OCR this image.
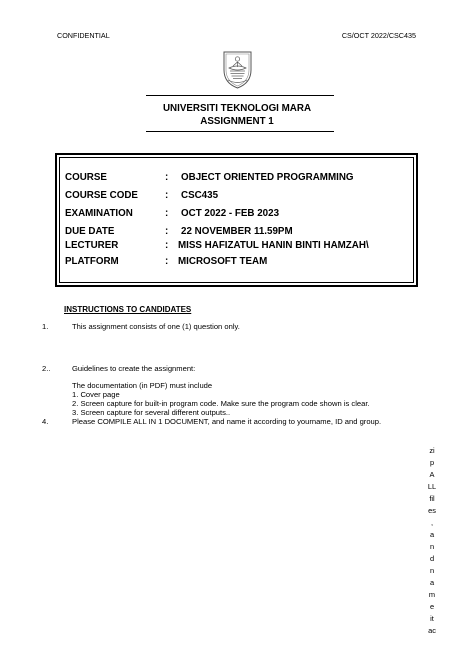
CONFIDENTIAL	CS/OCT 2022/CSC435
UNIVERSITI TEKNOLOGI MARA
ASSIGNMENT 1
COURSE	: OBJECT ORIENTED PROGRAMMING
COURSE CODE	: CSC435
EXAMINATION	: OCT 2022 - FEB 2023
DUE DATE	: 22 NOVEMBER 11.59PM
LECTURER	: MISS HAFIZATUL HANIN BINTI HAMZAH\
PLATFORM	: MICROSOFT TEAM
INSTRUCTIONS TO CANDIDATES
1.	This assignment consists of one (1) question only.
2..	Guidelines to create the assignment:
The documentation (in PDF) must include
1. Cover page
2. Screen capture for built-in program code. Make sure the program code shown is clear.
3. Screen capture for several different outputs..
4.	Please COMPILE ALL IN 1 DOCUMENT, and name it according to yourname, ID and group.
zi
p
A
LL
fil
es
,
a
n
d
n
a
m
e
it
ac
